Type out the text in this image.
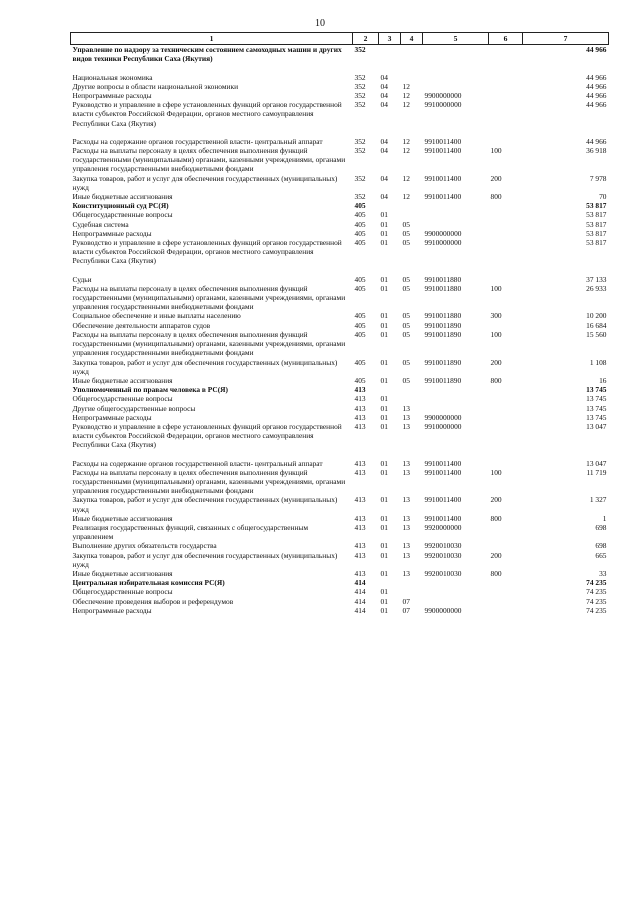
10
1	2	3	4	5	6	7
Управление по надзору за техническим состоянием самоходных машин и других видов техники Республики Саха (Якутия)	352					44 966
Национальная экономика	352	04				44 966
Другие вопросы в области национальной экономики	352	04	12			44 966
Непрограммные расходы	352	04	12	9900000000		44 966
Руководство и управление в сфере установленных функций органов государственной власти субъектов Российской Федерации, органов местного самоуправления Республики Саха (Якутия)	352	04	12	9910000000		44 966
Расходы на содержание органов государственной власти- центральный аппарат	352	04	12	9910011400		44 966
Расходы на выплаты персоналу в целях обеспечения выполнения функций государственными (муниципальными) органами, казенными учреждениями, органами управления государственными внебюджетными фондами	352	04	12	9910011400	100	36 918
Закупка товаров, работ и услуг для обеспечения государственных (муниципальных) нужд	352	04	12	9910011400	200	7 978
Иные бюджетные ассигнования	352	04	12	9910011400	800	70
Конституционный суд РС(Я)	405					53 817
Общегосударственные вопросы	405	01				53 817
Судебная система	405	01	05			53 817
Непрограммные расходы	405	01	05	9900000000		53 817
Руководство и управление в сфере установленных функций органов государственной власти субъектов Российской Федерации, органов местного самоуправления Республики Саха (Якутия)	405	01	05	9910000000		53 817
Судьи	405	01	05	9910011880		37 133
Расходы на выплаты персоналу в целях обеспечения выполнения функций государственными (муниципальными) органами, казенными учреждениями, органами управления государственными внебюджетными фондами	405	01	05	9910011880	100	26 933
Социальное обеспечение и иные выплаты населению	405	01	05	9910011880	300	10 200
Обеспечение деятельности аппаратов судов	405	01	05	9910011890		16 684
Расходы на выплаты персоналу в целях обеспечения выполнения функций государственными (муниципальными) органами, казенными учреждениями, органами управления государственными внебюджетными фондами	405	01	05	9910011890	100	15 560
Закупка товаров, работ и услуг для обеспечения государственных (муниципальных) нужд	405	01	05	9910011890	200	1 108
Иные бюджетные ассигнования	405	01	05	9910011890	800	16
Уполномоченный по правам человека в РС(Я)	413					13 745
Общегосударственные вопросы	413	01				13 745
Другие общегосударственные вопросы	413	01	13			13 745
Непрограммные расходы	413	01	13	9900000000		13 745
Руководство и управление в сфере установленных функций органов государственной власти субъектов Российской Федерации, органов местного самоуправления Республики Саха (Якутия)	413	01	13	9910000000		13 047
Расходы на содержание органов государственной власти- центральный аппарат	413	01	13	9910011400		13 047
Расходы на выплаты персоналу в целях обеспечения выполнения функций государственными (муниципальными) органами, казенными учреждениями, органами управления государственными внебюджетными фондами	413	01	13	9910011400	100	11 719
Закупка товаров, работ и услуг для обеспечения государственных (муниципальных) нужд	413	01	13	9910011400	200	1 327
Иные бюджетные ассигнования	413	01	13	9910011400	800	1
Реализация государственных функций, связанных с общегосударственным управлением	413	01	13	9920000000		698
Выполнение других обязательств государства	413	01	13	9920010030		698
Закупка товаров, работ и услуг для обеспечения государственных (муниципальных) нужд	413	01	13	9920010030	200	665
Иные бюджетные ассигнования	413	01	13	9920010030	800	33
Центральная избирательная комиссия РС(Я)	414					74 235
Общегосударственные вопросы	414	01				74 235
Обеспечение проведения выборов и референдумов	414	01	07			74 235
Непрограммные расходы	414	01	07	9900000000		74 235
